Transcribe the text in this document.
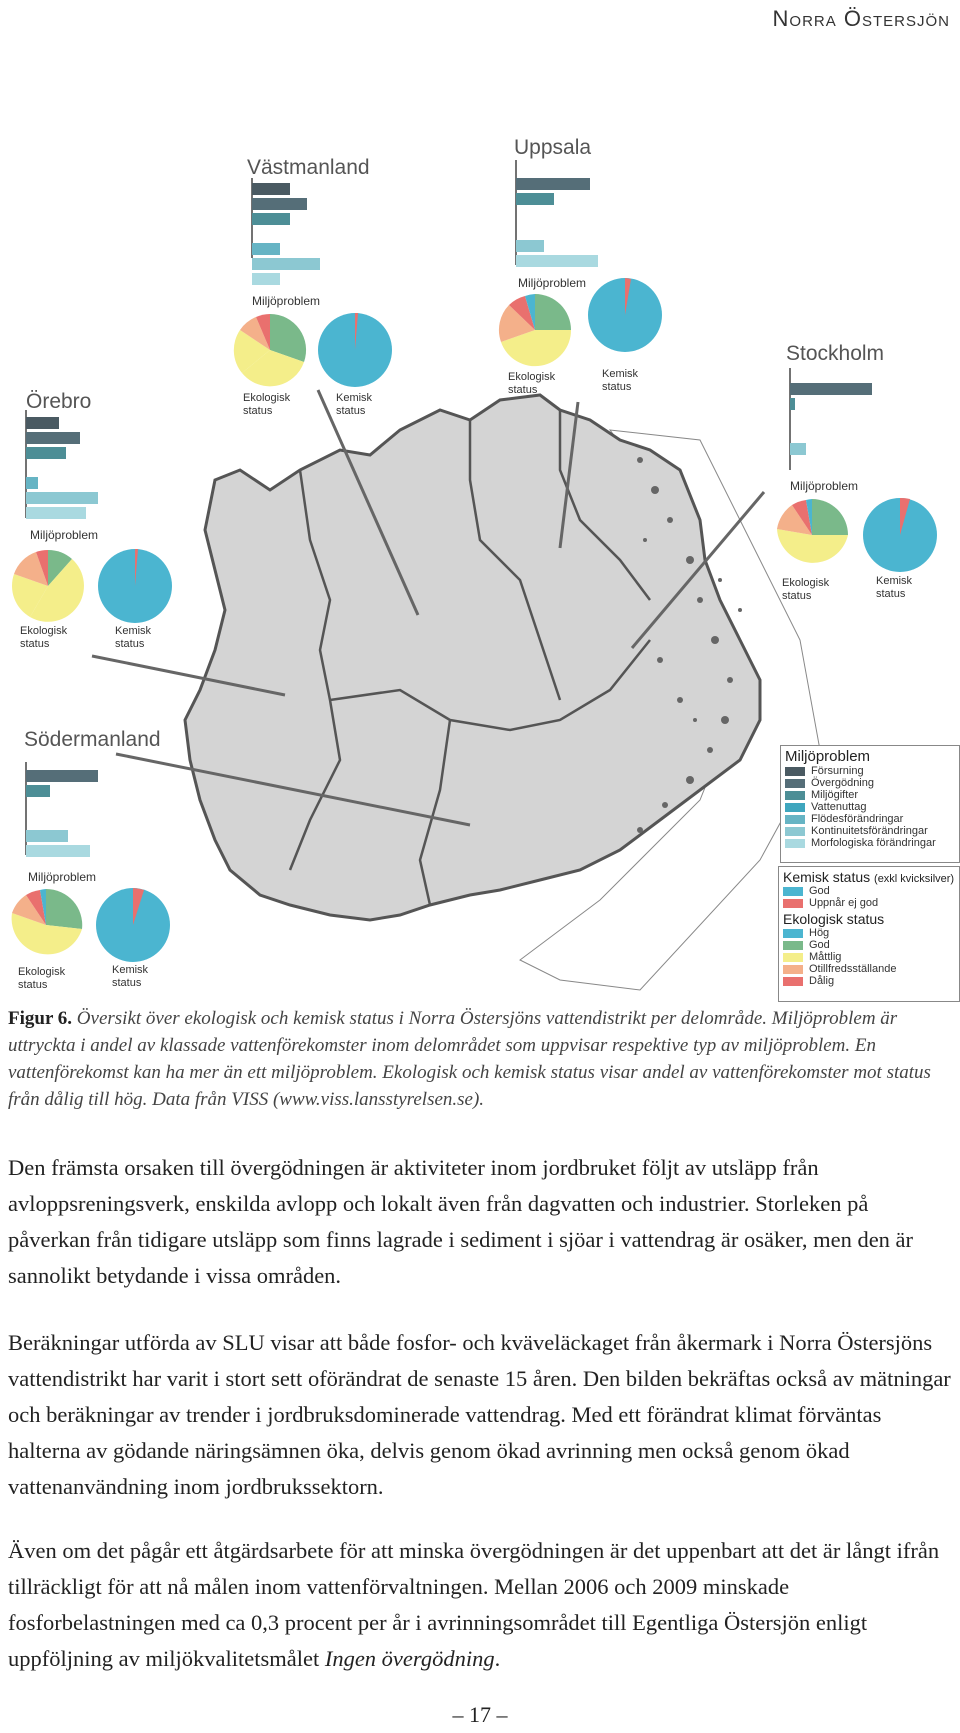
Norra Östersjön
Västmanland
Miljöproblem
Ekologisk status
Kemisk status
Uppsala
Miljöproblem
Ekologisk status
Kemisk status
Stockholm
Miljöproblem
Ekologisk status
Kemisk status
Örebro
Miljöproblem
Ekologisk status
Kemisk status
Södermanland
Miljöproblem
Ekologisk status
Kemisk status
Miljöproblem
Försurning
Övergödning
Miljögifter
Vattenuttag
Flödesförändringar
Kontinuitetsförändringar
Morfologiska förändringar
Kemisk status (exkl kvicksilver)
God
Uppnår ej god
Ekologisk status
Hög
God
Måttlig
Otillfredsställande
Dålig
Figur 6. Översikt över ekologisk och kemisk status i Norra Östersjöns vattendistrikt per delområde. Miljöproblem är uttryckta i andel av klassade vattenförekomster inom delområdet som uppvisar respektive typ av miljöproblem. En vattenförekomst kan ha mer än ett miljöproblem. Ekologisk och kemisk status visar andel av vattenförekomster mot status från dålig till hög. Data från VISS (www.viss.lansstyrelsen.se).
Den främsta orsaken till övergödningen är aktiviteter inom jordbruket följt av utsläpp från avloppsreningsverk, enskilda avlopp och lokalt även från dagvatten och industrier. Storleken på påverkan från tidigare utsläpp som finns lagrade i sediment i sjöar i vattendrag är osäker, men den är sannolikt betydande i vissa områden.
Beräkningar utförda av SLU visar att både fosfor- och kväveläckaget från åkermark i Norra Östersjöns vattendistrikt har varit i stort sett oförändrat de senaste 15 åren. Den bilden bekräftas också av mätningar och beräkningar av trender i jordbruksdominerade vattendrag. Med ett förändrat klimat förväntas halterna av gödande näringsämnen öka, delvis genom ökad avrinning men också genom ökad vattenanvändning inom jordbrukssektorn.
Även om det pågår ett åtgärdsarbete för att minska övergödningen är det uppenbart att det är långt ifrån tillräckligt för att nå målen inom vattenförvaltningen. Mellan 2006 och 2009 minskade fosforbelastningen med ca 0,3 procent per år i avrinningsområdet till Egentliga Östersjön enligt uppföljning av miljökvalitetsmålet Ingen övergödning.
– 17 –
